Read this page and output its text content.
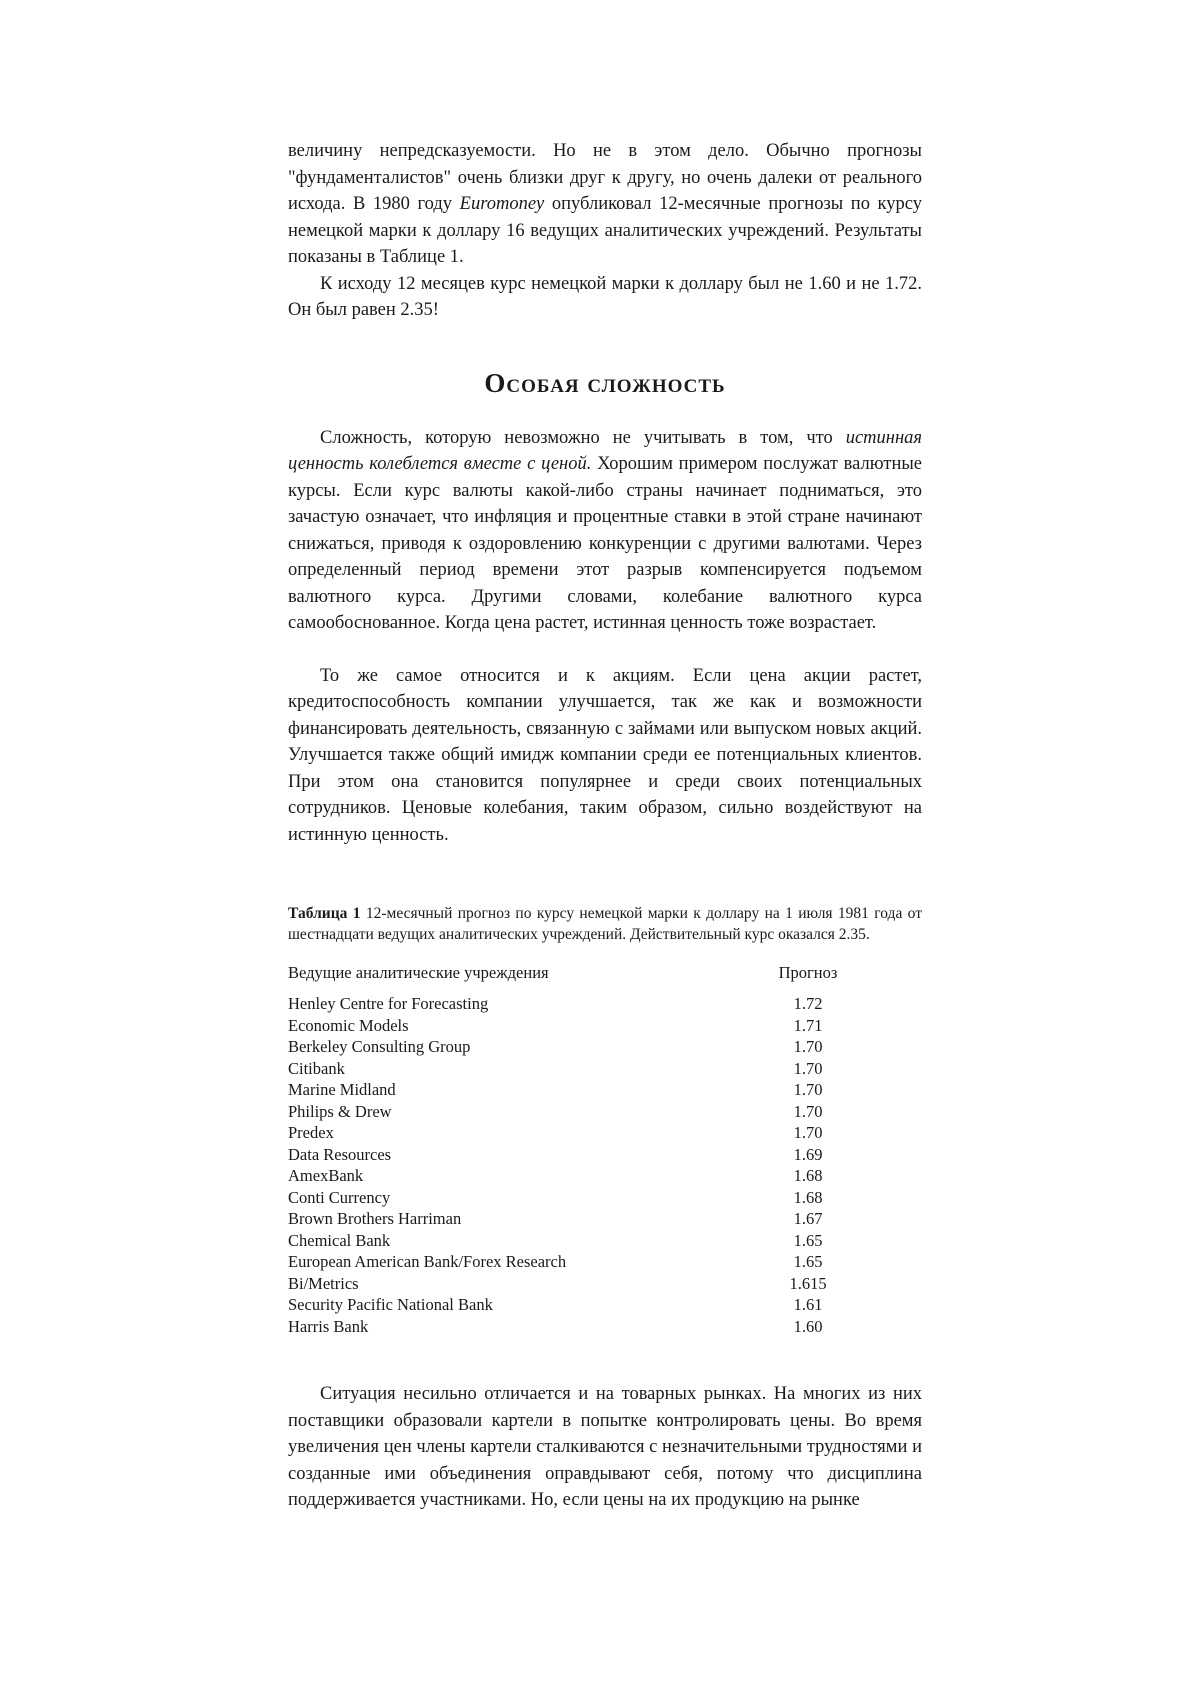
величину непредсказуемости. Но не в этом дело. Обычно прогнозы "фундаменталистов" очень близки друг к другу, но очень далеки от реального исхода. В 1980 году Euromoney опубликовал 12-месячные прогнозы по курсу немецкой марки к доллару 16 ведущих аналитических учреждений. Результаты показаны в Таблице 1.

К исходу 12 месяцев курс немецкой марки к доллару был не 1.60 и не 1.72. Он был равен 2.35!

Особая сложность

Сложность, которую невозможно не учитывать в том, что истинная ценность колеблется вместе с ценой. Хорошим примером послужат валютные курсы. Если курс валюты какой-либо страны начинает подниматься, это зачастую означает, что инфляция и процентные ставки в этой стране начинают снижаться, приводя к оздоровлению конкуренции с другими валютами. Через определенный период времени этот разрыв компенсируется подъемом валютного курса. Другими словами, колебание валютного курса самообоснованное. Когда цена растет, истинная ценность тоже возрастает.

То же самое относится и к акциям. Если цена акции растет, кредитоспособность компании улучшается, так же как и возможности финансировать деятельность, связанную с займами или выпуском новых акций. Улучшается также общий имидж компании среди ее потенциальных клиентов. При этом она становится популярнее и среди своих потенциальных сотрудников. Ценовые колебания, таким образом, сильно воздействуют на истинную ценность.

Таблица 1 12-месячный прогноз по курсу немецкой марки к доллару на 1 июля 1981 года от шестнадцати ведущих аналитических учреждений. Действительный курс оказался 2.35.

Ведущие аналитические учреждения	Прогноз
Henley Centre for Forecasting	1.72
Economic Models	1.71
Berkeley Consulting Group	1.70
Citibank	1.70
Marine Midland	1.70
Philips & Drew	1.70
Predex	1.70
Data Resources	1.69
AmexBank	1.68
Conti Currency	1.68
Brown Brothers Harriman	1.67
Chemical Bank	1.65
European American Bank/Forex Research	1.65
Bi/Metrics	1.615
Security Pacific National Bank	1.61
Harris Bank	1.60

Ситуация несильно отличается и на товарных рынках. На многих из них поставщики образовали картели в попытке контролировать цены. Во время увеличения цен члены картели сталкиваются с незначительными трудностями и созданные ими объединения оправдывают себя, потому что дисциплина поддерживается участниками. Но, если цены на их продукцию на рынке
